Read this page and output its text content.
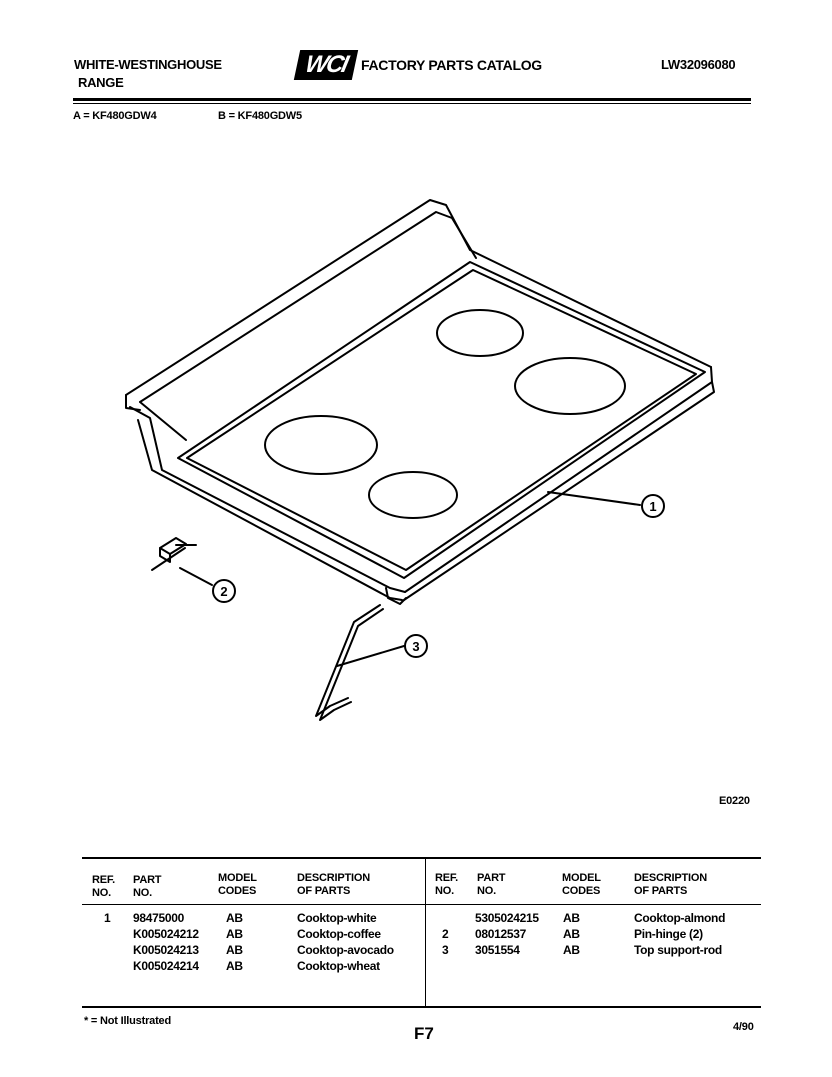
WHITE-WESTINGHOUSE
RANGE
WCI FACTORY PARTS CATALOG	LW32096080
A = KF480GDW4	B = KF480GDW5
1
2
3
E0220
REF.
NO.
PART
NO.
MODEL
CODES
DESCRIPTION
OF PARTS
REF.
NO.
PART
NO.
MODEL
CODES
DESCRIPTION
OF PARTS
1 98475000	AB	Cooktop-white
K005024212 AB	Cooktop-coffee
K005024213 AB	Cooktop-avocado
K005024214 AB	Cooktop-wheat
5305024215 AB	Cooktop-almond
2 08012537	AB	Pin-hinge (2)
3 3051554	AB	Top support-rod
* = Not Illustrated
F7	4/90
